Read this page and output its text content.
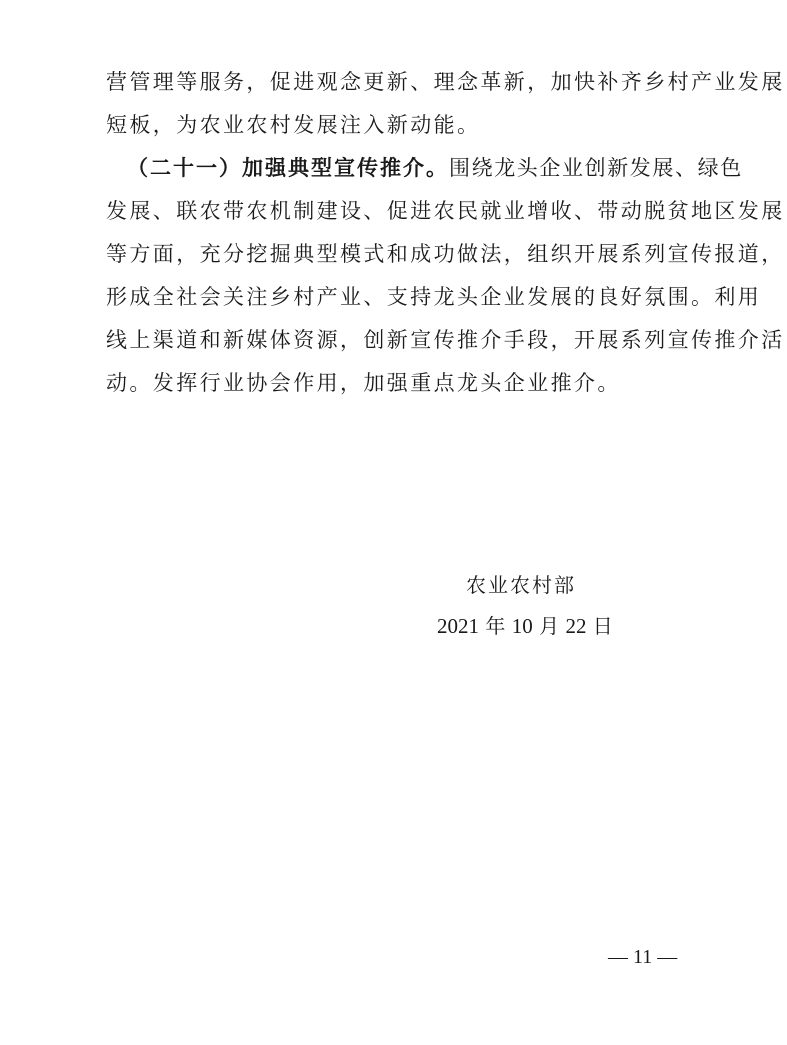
营管理等服务，促进观念更新、理念革新，加快补齐乡村产业发展
短板，为农业农村发展注入新动能。
（二十一）加强典型宣传推介。围绕龙头企业创新发展、绿色
发展、联农带农机制建设、促进农民就业增收、带动脱贫地区发展
等方面，充分挖掘典型模式和成功做法，组织开展系列宣传报道，
形成全社会关注乡村产业、支持龙头企业发展的良好氛围。利用
线上渠道和新媒体资源，创新宣传推介手段，开展系列宣传推介活
动。发挥行业协会作用，加强重点龙头企业推介。
农业农村部
2021 年 10 月 22 日
— 11 —
